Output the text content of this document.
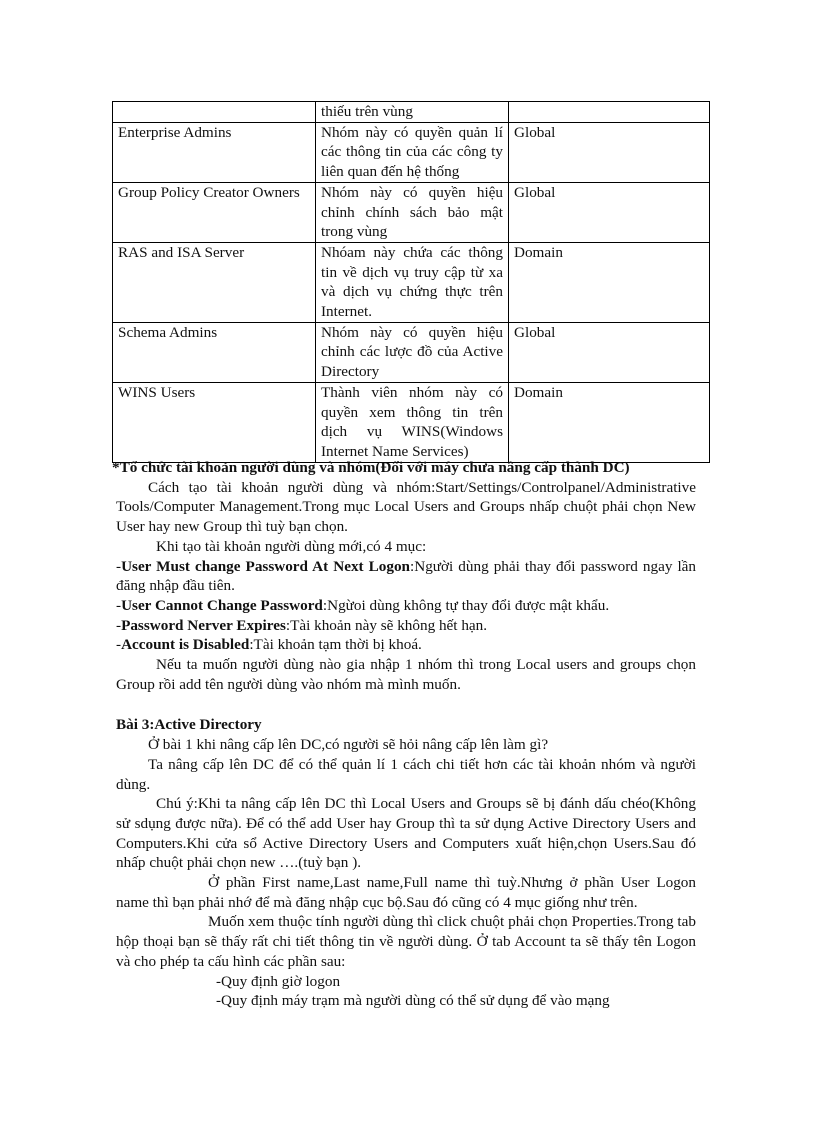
	thiếu trên vùng	
Enterprise Admins	Nhóm này có quyền quản lí các thông tin của các công ty liên quan đến hệ thống	Global
Group Policy Creator Owners	Nhóm này có quyền hiệu chỉnh chính sách bảo mật trong vùng	Global
RAS and ISA Server	Nhóam này chứa các thông tin về dịch vụ truy cập từ xa và dịch vụ chứng thực trên Internet.	Domain
Schema Admins	Nhóm này có quyền hiệu chỉnh các lược đồ của Active Directory	Global
WINS Users	Thành viên nhóm này có quyền xem thông tin trên dịch vụ WINS(Windows Internet Name Services)	Domain

*Tổ chức tài khoản người dùng và nhóm(Đối với máy chưa nâng cấp thành DC)

Cách tạo tài khoản người dùng và nhóm:Start/Settings/Controlpanel/Administrative Tools/Computer Management.Trong mục Local Users and Groups nhấp chuột phải chọn New User hay new Group thì tuỳ bạn chọn.

Khi tạo tài khoản người dùng mới,có 4 mục:

-User Must change Password At Next Logon:Người dùng phải thay đổi password ngay lần đăng nhập đầu tiên.

-User Cannot Change Password:Ngừoi dùng không tự thay đổi được mật khẩu.

-Password Nerver Expires:Tài khoản này sẽ không hết hạn.

-Account is Disabled:Tài khoản tạm thời bị khoá.

Nếu ta muốn người dùng nào gia nhập 1 nhóm thì trong Local users and groups chọn Group rồi add tên người dùng vào nhóm mà mình muốn.

Bài 3:Active Directory

Ở bài 1 khi nâng cấp lên DC,có người sẽ hỏi nâng cấp lên làm gì?

Ta nâng cấp lên DC để có thể quản lí 1 cách chi tiết hơn các tài khoản nhóm và người dùng.

Chú ý:Khi ta nâng cấp lên DC thì Local Users and Groups sẽ bị đánh dấu chéo(Không sử sdụng được nữa). Để có thể add User hay Group thì ta sử dụng Active Directory Users and Computers.Khi cửa sổ Active Directory Users and Computers xuất hiện,chọn Users.Sau đó nhấp chuột phải chọn new ….(tuỳ bạn ).

Ở phần First name,Last name,Full name thì tuỳ.Nhưng ở phần User Logon name thì bạn phải nhớ để mà đăng nhập cục bộ.Sau đó cũng có 4 mục giống như trên.

Muốn xem thuộc tính người dùng thì click chuột phải chọn Properties.Trong tab hộp thoại bạn sẽ thấy rất chi tiết thông tin về người dùng. Ở tab Account ta sẽ thấy tên Logon và cho phép ta cấu hình các phần sau:

-Quy định giờ logon

-Quy định máy trạm mà người dùng có thể sử dụng để vào mạng
